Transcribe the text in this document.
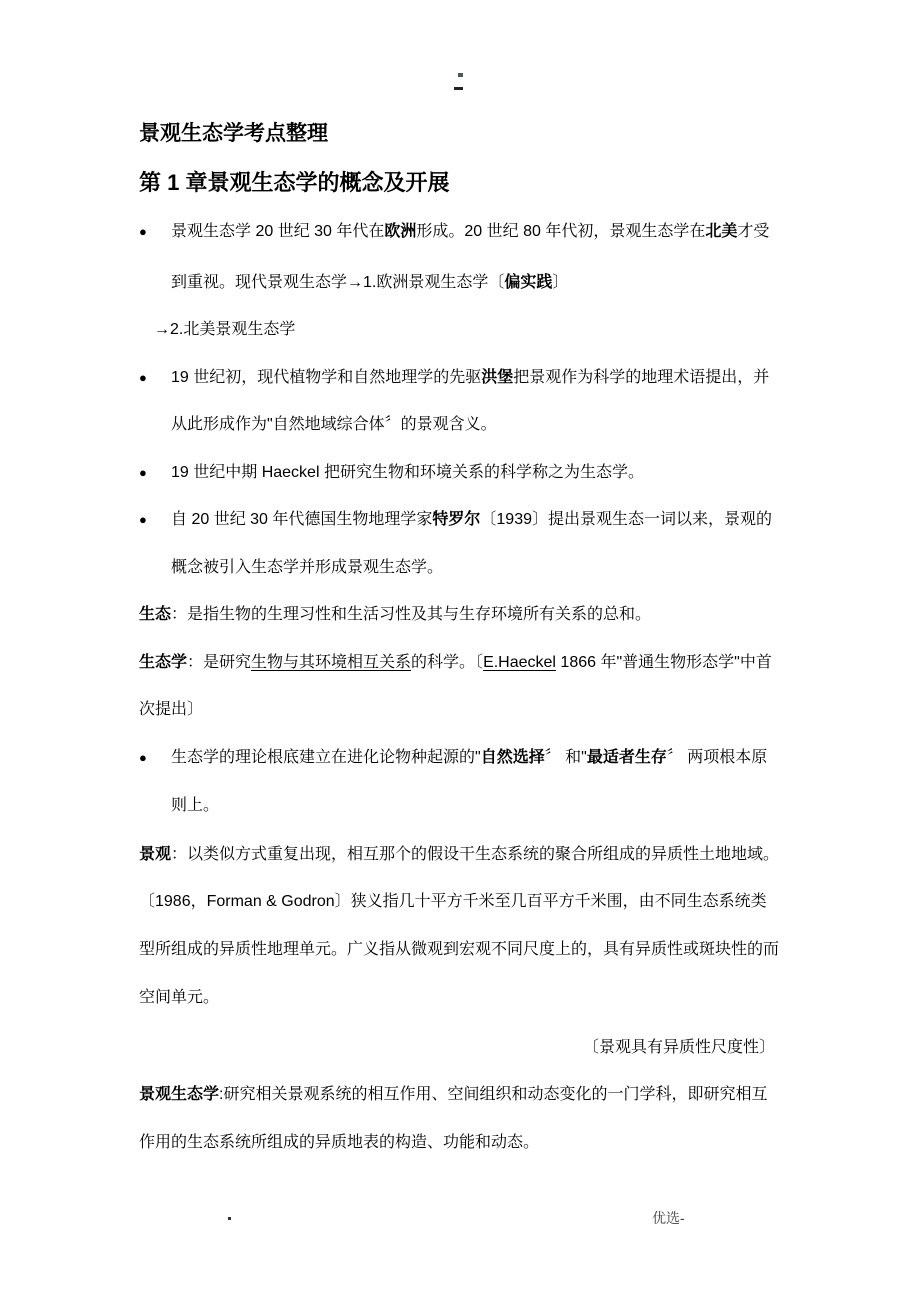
景观生态学考点整理
第 1 章景观生态学的概念及开展
● 景观生态学 20 世纪 30 年代在欧洲形成。20 世纪 80 年代初，景观生态学在北美才受
到重视。现代景观生态学→1.欧洲景观生态学〔偏实践〕
→2.北美景观生态学
● 19 世纪初，现代植物学和自然地理学的先驱洪堡把景观作为科学的地理术语提出，并
从此形成作为"自然地域综合体〞的景观含义。
● 19 世纪中期 Haeckel 把研究生物和环境关系的科学称之为生态学。
● 自 20 世纪 30 年代德国生物地理学家特罗尔〔1939〕提出景观生态一词以来，景观的
概念被引入生态学并形成景观生态学。
生态：是指生物的生理习性和生活习性及其与生存环境所有关系的总和。
生态学：是研究生物与其环境相互关系的科学。〔E.Haeckel 1866 年"普通生物形态学"中首
次提出〕
● 生态学的理论根底建立在进化论物种起源的"自然选择〞 和"最适者生存〞 两项根本原
则上。
景观：以类似方式重复出现，相互那个的假设干生态系统的聚合所组成的异质性土地地域。
〔1986，Forman & Godron〕狭义指几十平方千米至几百平方千米围，由不同生态系统类
型所组成的异质性地理单元。广义指从微观到宏观不同尺度上的，具有异质性或斑块性的而
空间单元。
〔景观具有异质性尺度性〕
景观生态学:研究相关景观系统的相互作用、空间组织和动态变化的一门学科，即研究相互
作用的生态系统所组成的异质地表的构造、功能和动态。
优选-
